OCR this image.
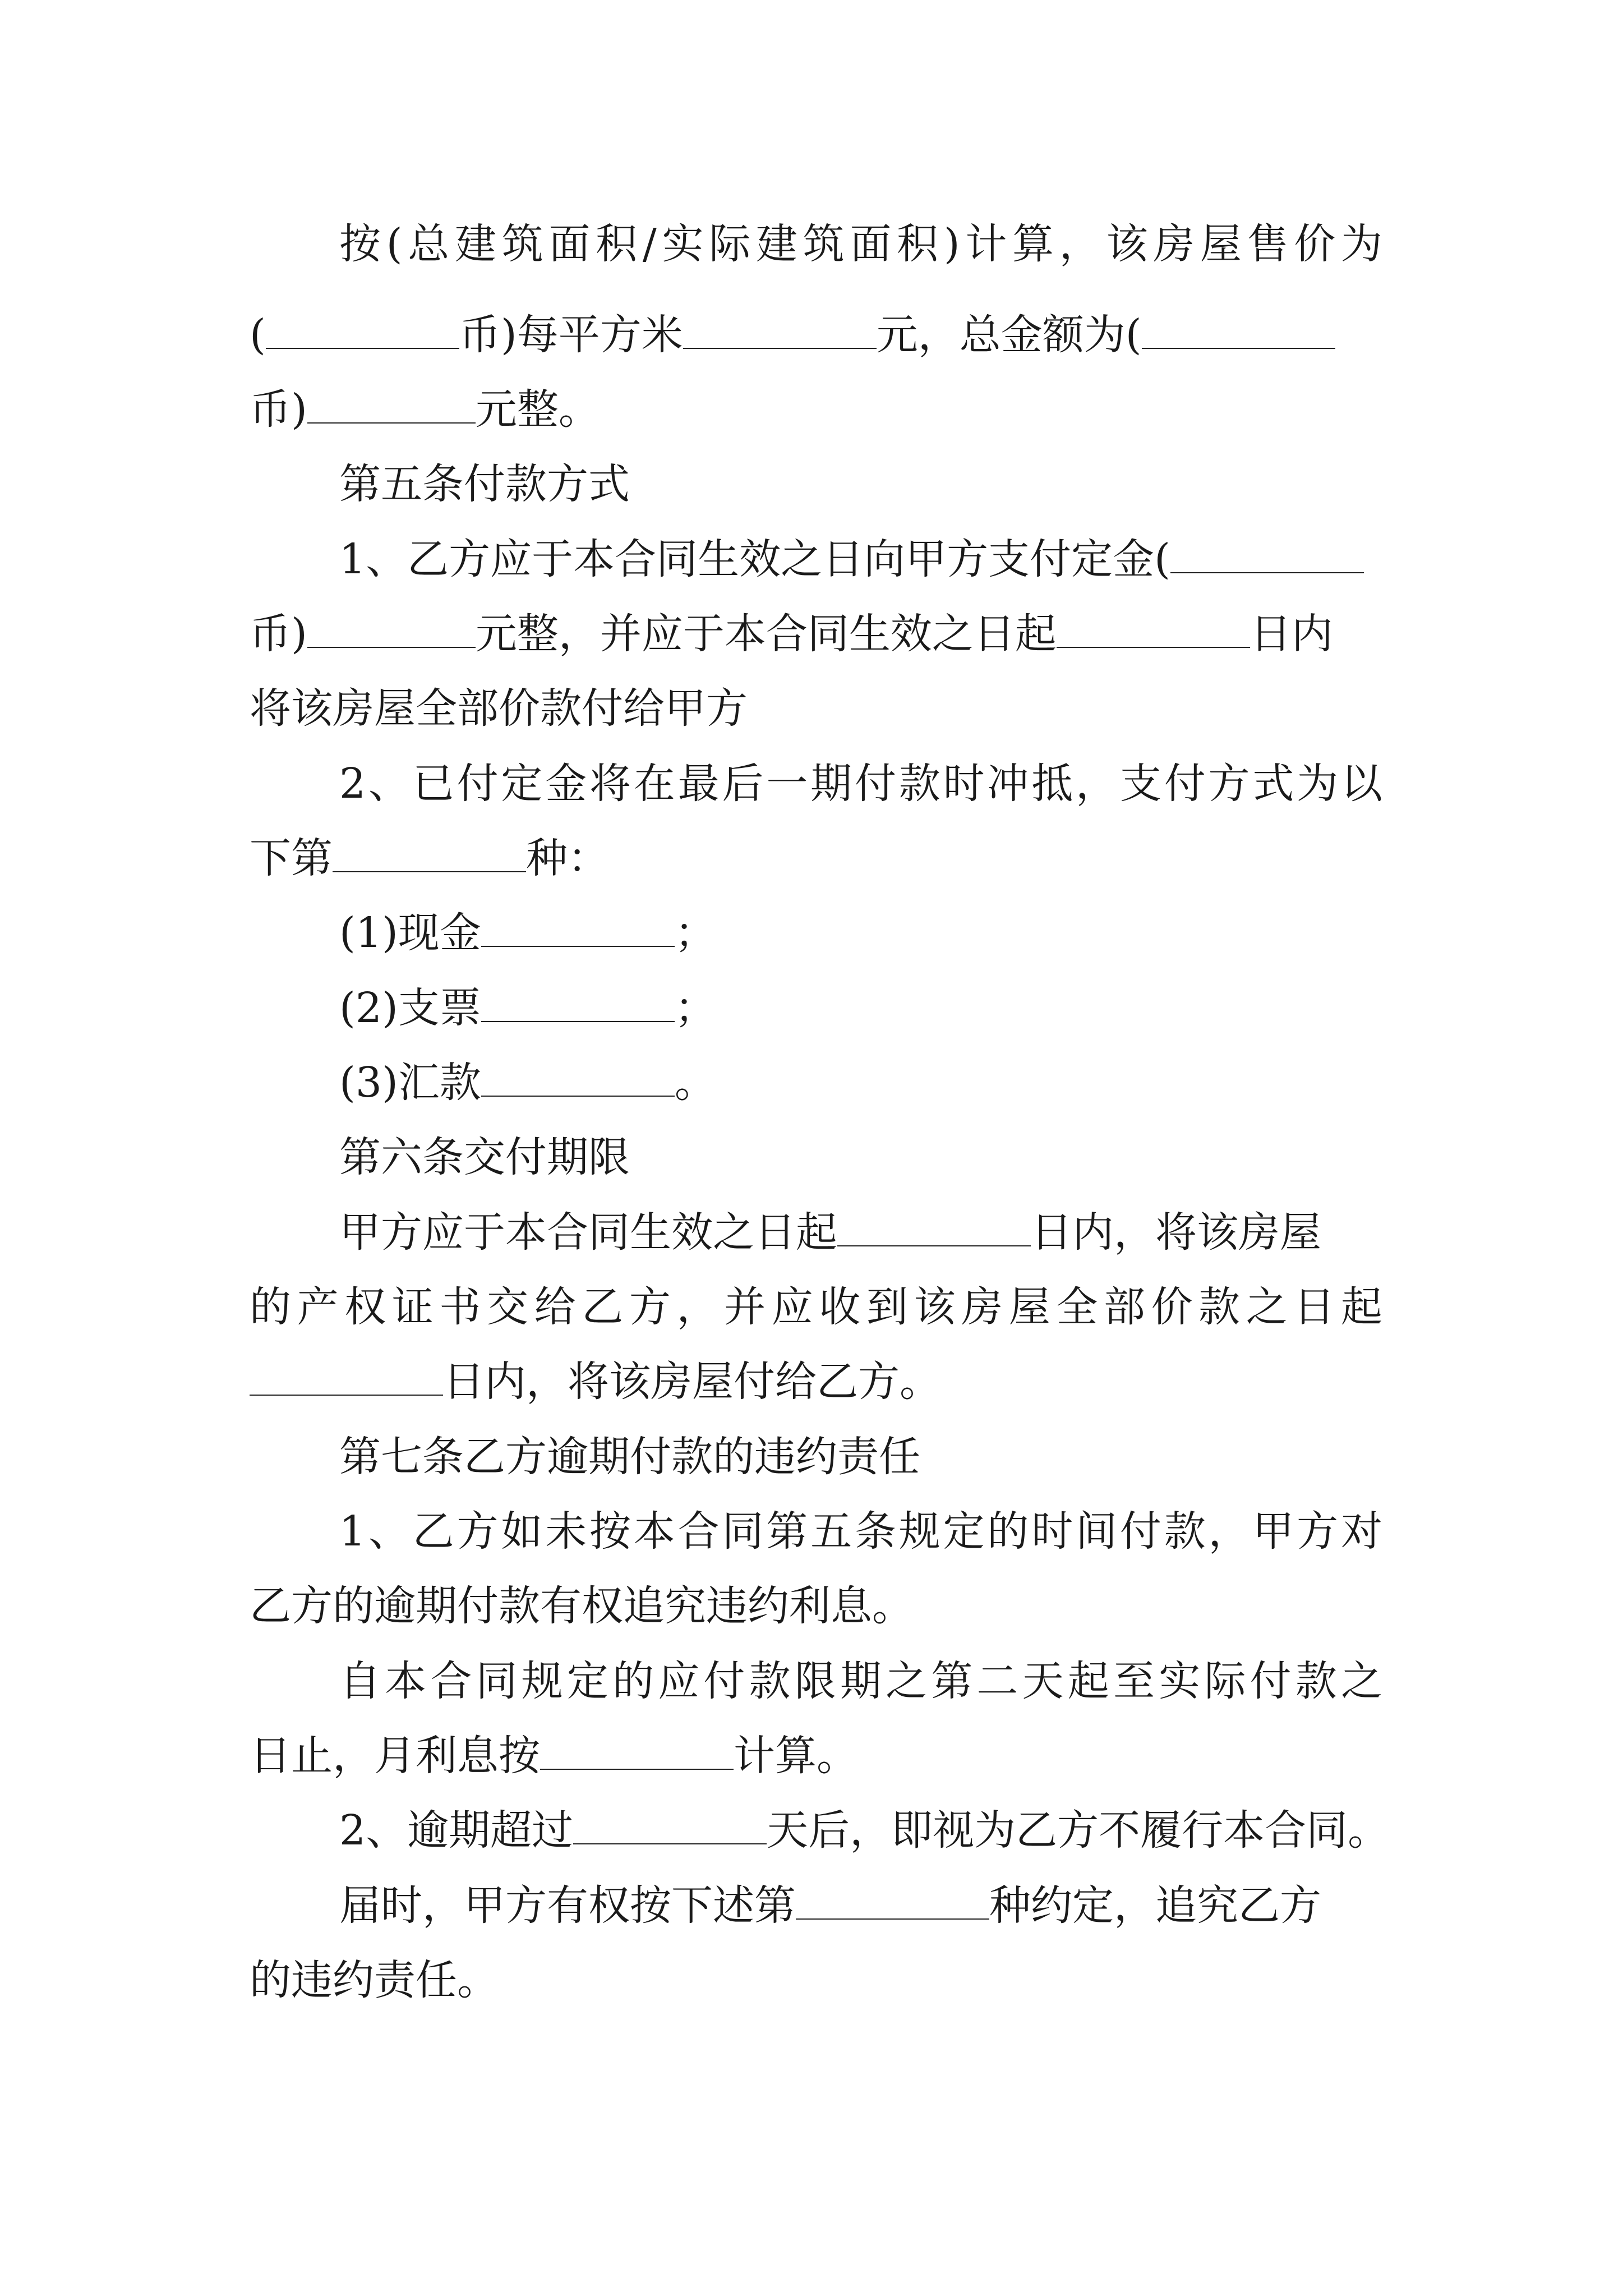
按(总建筑面积/实际建筑面积)计算，该房屋售价为
(	币)每平方米	元，总金额为(
币)	元整。
第五条付款方式
1、乙方应于本合同生效之日向甲方支付定金(
币)	元整，并应于本合同生效之日起	日内
将该房屋全部价款付给甲方
2、已付定金将在最后一期付款时冲抵，支付方式为以
下第	种：
(1)现金	；
(2)支票	；
(3)汇款	。
第六条交付期限
甲方应于本合同生效之日起	日内，将该房屋
的产权证书交给乙方，并应收到该房屋全部价款之日起
日内，将该房屋付给乙方。
第七条乙方逾期付款的违约责任
1、乙方如未按本合同第五条规定的时间付款，甲方对
乙方的逾期付款有权追究违约利息。
自本合同规定的应付款限期之第二天起至实际付款之
日止，月利息按	计算。
2、逾期超过	天后，即视为乙方不履行本合同。
届时，甲方有权按下述第	种约定，追究乙方
的违约责任。
